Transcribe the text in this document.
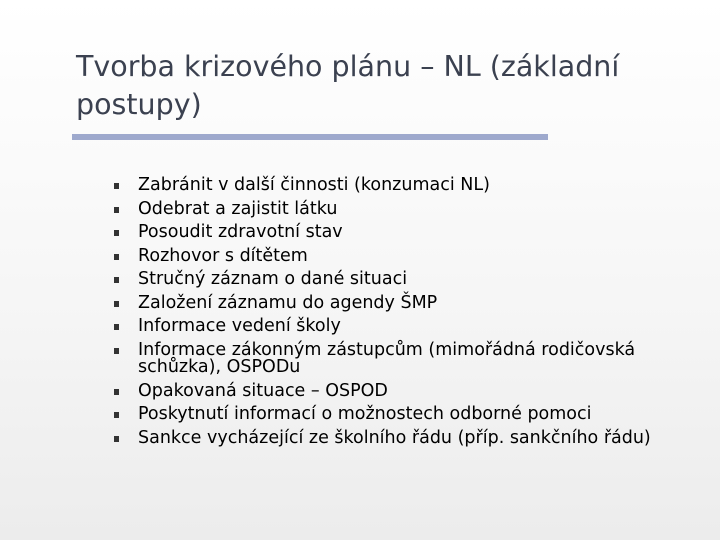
Tvorba krizového plánu – NL (základní postupy)
Zabránit v další činnosti (konzumaci NL)
Odebrat a zajistit látku
Posoudit zdravotní stav
Rozhovor s dítětem
Stručný záznam o dané situaci
Založení záznamu do agendy ŠMP
Informace vedení školy
Informace zákonným zástupcům (mimořádná rodičovská schůzka), OSPODu
Opakovaná situace – OSPOD
Poskytnutí informací o možnostech odborné pomoci
Sankce vycházející ze školního řádu (příp. sankčního řádu)
